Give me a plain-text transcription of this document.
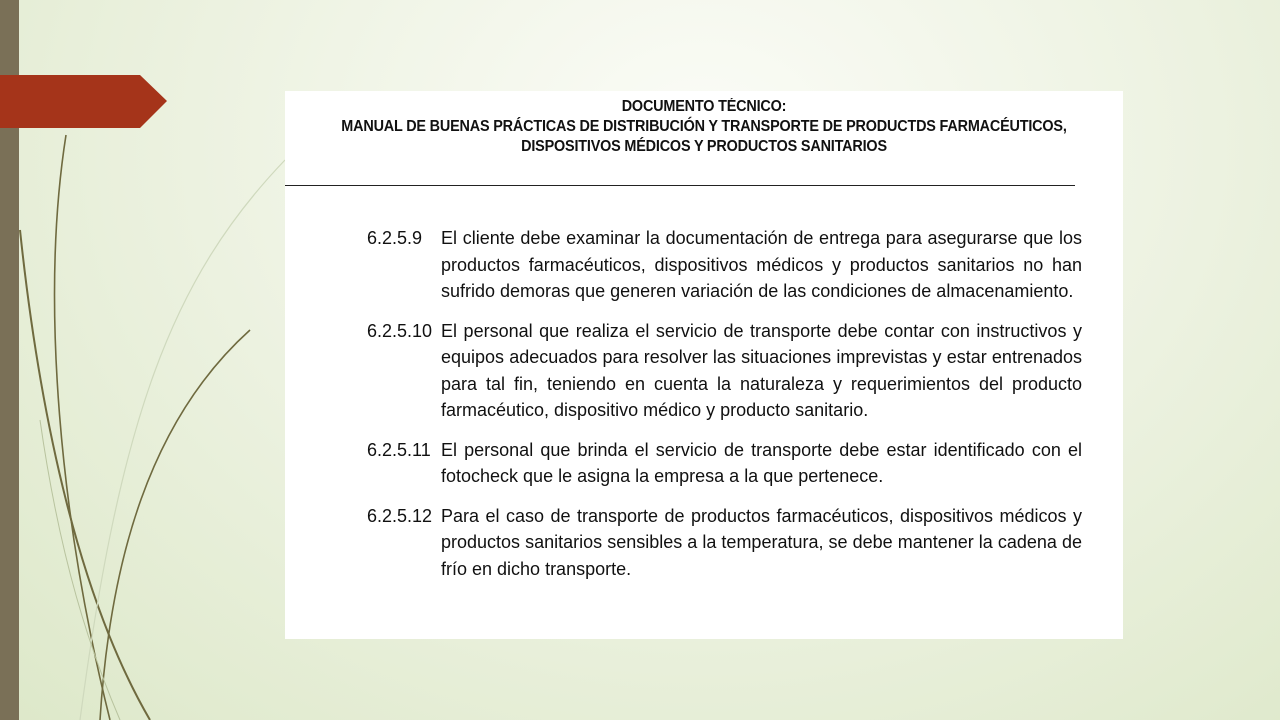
DOCUMENTO TÉCNICO:
MANUAL DE BUENAS PRÁCTICAS DE DISTRIBUCIÓN Y TRANSPORTE DE PRODUCTDS FARMACÉUTICOS,
DISPOSITIVOS MÉDICOS Y PRODUCTOS SANITARIOS
6.2.5.9	El cliente debe examinar la documentación de entrega para asegurarse que los productos farmacéuticos, dispositivos médicos y productos sanitarios no han sufrido demoras que generen variación de las condiciones de almacenamiento.
6.2.5.10 El personal que realiza el servicio de transporte debe contar con instructivos y equipos adecuados para resolver las situaciones imprevistas y estar entrenados para tal fin, teniendo en cuenta la naturaleza y requerimientos del producto farmacéutico, dispositivo médico y producto sanitario.
6.2.5.11 El personal que brinda el servicio de transporte debe estar identificado con el fotocheck que le asigna la empresa a la que pertenece.
6.2.5.12 Para el caso de transporte de productos farmacéuticos, dispositivos médicos y productos sanitarios sensibles a la temperatura, se debe mantener la cadena de frío en dicho transporte.
